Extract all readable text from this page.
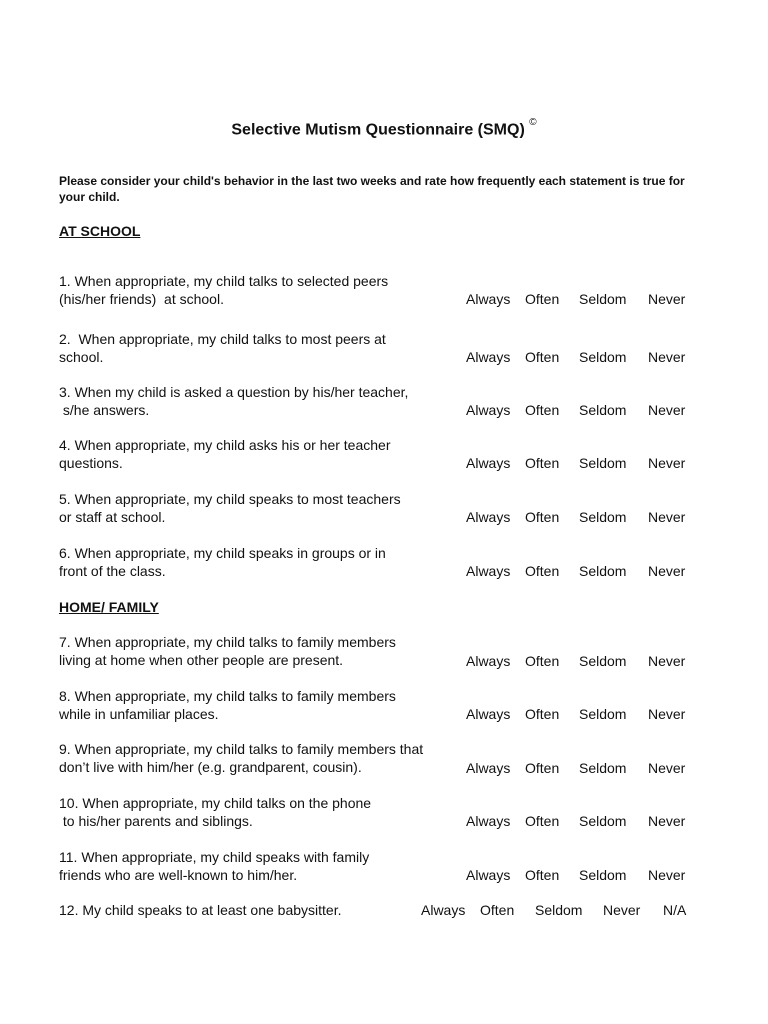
Selective Mutism Questionnaire (SMQ) ©
Please consider your child's behavior in the last two weeks and rate how frequently each statement is true for your child.
AT SCHOOL
1. When appropriate, my child talks to selected peers
(his/her friends)  at school.	Always Often Seldom Never
2.  When appropriate, my child talks to most peers at
school.	Always Often Seldom Never
3. When my child is asked a question by his/her teacher,
s/he answers.	Always Often Seldom Never
4. When appropriate, my child asks his or her teacher
questions.	Always Often Seldom Never
5. When appropriate, my child speaks to most teachers
or staff at school.	Always Often Seldom Never
6. When appropriate, my child speaks in groups or in
front of the class.	Always Often Seldom Never
HOME/ FAMILY
7. When appropriate, my child talks to family members
living at home when other people are present.	Always Often Seldom Never
8. When appropriate, my child talks to family members
while in unfamiliar places.	Always Often Seldom Never
9. When appropriate, my child talks to family members that
don’t live with him/her (e.g. grandparent, cousin).	Always Often Seldom Never
10. When appropriate, my child talks on the phone
to his/her parents and siblings.	Always Often Seldom Never
11. When appropriate, my child speaks with family
friends who are well-known to him/her.	Always Often Seldom Never
12. My child speaks to at least one babysitter.	Always Often Seldom Never N/A
